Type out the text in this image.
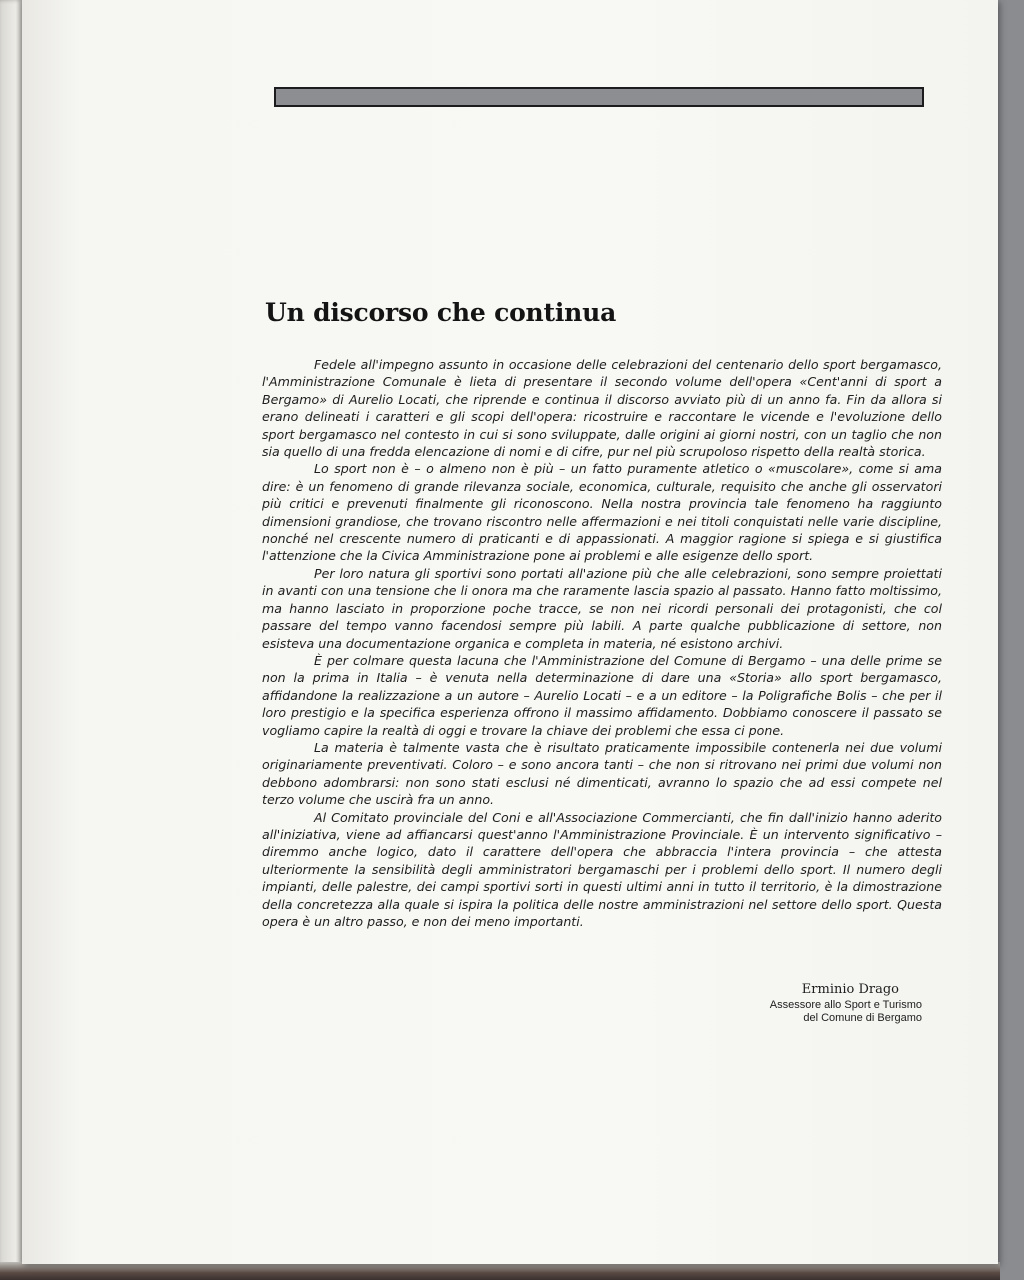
Un discorso che continua

Fedele all'impegno assunto in occasione delle celebrazioni del centenario dello sport bergamasco, l'Amministrazione Comunale è lieta di presentare il secondo volume dell'opera «Cent'anni di sport a Bergamo» di Aurelio Locati, che riprende e continua il discorso avviato più di un anno fa. Fin da allora si erano delineati i caratteri e gli scopi dell'opera: ricostruire e raccontare le vicende e l'evoluzione dello sport bergamasco nel contesto in cui si sono sviluppate, dalle origini ai giorni nostri, con un taglio che non sia quello di una fredda elencazione di nomi e di cifre, pur nel più scrupoloso rispetto della realtà storica.

Lo sport non è – o almeno non è più – un fatto puramente atletico o «muscolare», come si ama dire: è un fenomeno di grande rilevanza sociale, economica, culturale, requisito che anche gli osservatori più critici e prevenuti finalmente gli riconoscono. Nella nostra provincia tale fenomeno ha raggiunto dimensioni grandiose, che trovano riscontro nelle affermazioni e nei titoli conquistati nelle varie discipline, nonché nel crescente numero di praticanti e di appassionati. A maggior ragione si spiega e si giustifica l'attenzione che la Civica Amministrazione pone ai problemi e alle esigenze dello sport.

Per loro natura gli sportivi sono portati all'azione più che alle celebrazioni, sono sempre proiettati in avanti con una tensione che li onora ma che raramente lascia spazio al passato. Hanno fatto moltissimo, ma hanno lasciato in proporzione poche tracce, se non nei ricordi personali dei protagonisti, che col passare del tempo vanno facendosi sempre più labili. A parte qualche pubblicazione di settore, non esisteva una documentazione organica e completa in materia, né esistono archivi.

È per colmare questa lacuna che l'Amministrazione del Comune di Bergamo – una delle prime se non la prima in Italia – è venuta nella determinazione di dare una «Storia» allo sport bergamasco, affidandone la realizzazione a un autore – Aurelio Locati – e a un editore – la Poligrafiche Bolis – che per il loro prestigio e la specifica esperienza offrono il massimo affidamento. Dobbiamo conoscere il passato se vogliamo capire la realtà di oggi e trovare la chiave dei problemi che essa ci pone.

La materia è talmente vasta che è risultato praticamente impossibile contenerla nei due volumi originariamente preventivati. Coloro – e sono ancora tanti – che non si ritrovano nei primi due volumi non debbono adombrarsi: non sono stati esclusi né dimenticati, avranno lo spazio che ad essi compete nel terzo volume che uscirà fra un anno.

Al Comitato provinciale del Coni e all'Associazione Commercianti, che fin dall'inizio hanno aderito all'iniziativa, viene ad affiancarsi quest'anno l'Amministrazione Provinciale. È un intervento significativo – diremmo anche logico, dato il carattere dell'opera che abbraccia l'intera provincia – che attesta ulteriormente la sensibilità degli amministratori bergamaschi per i problemi dello sport. Il numero degli impianti, delle palestre, dei campi sportivi sorti in questi ultimi anni in tutto il territorio, è la dimostrazione della concretezza alla quale si ispira la politica delle nostre amministrazioni nel settore dello sport. Questa opera è un altro passo, e non dei meno importanti.

Erminio Drago
Assessore allo Sport e Turismo
del Comune di Bergamo
